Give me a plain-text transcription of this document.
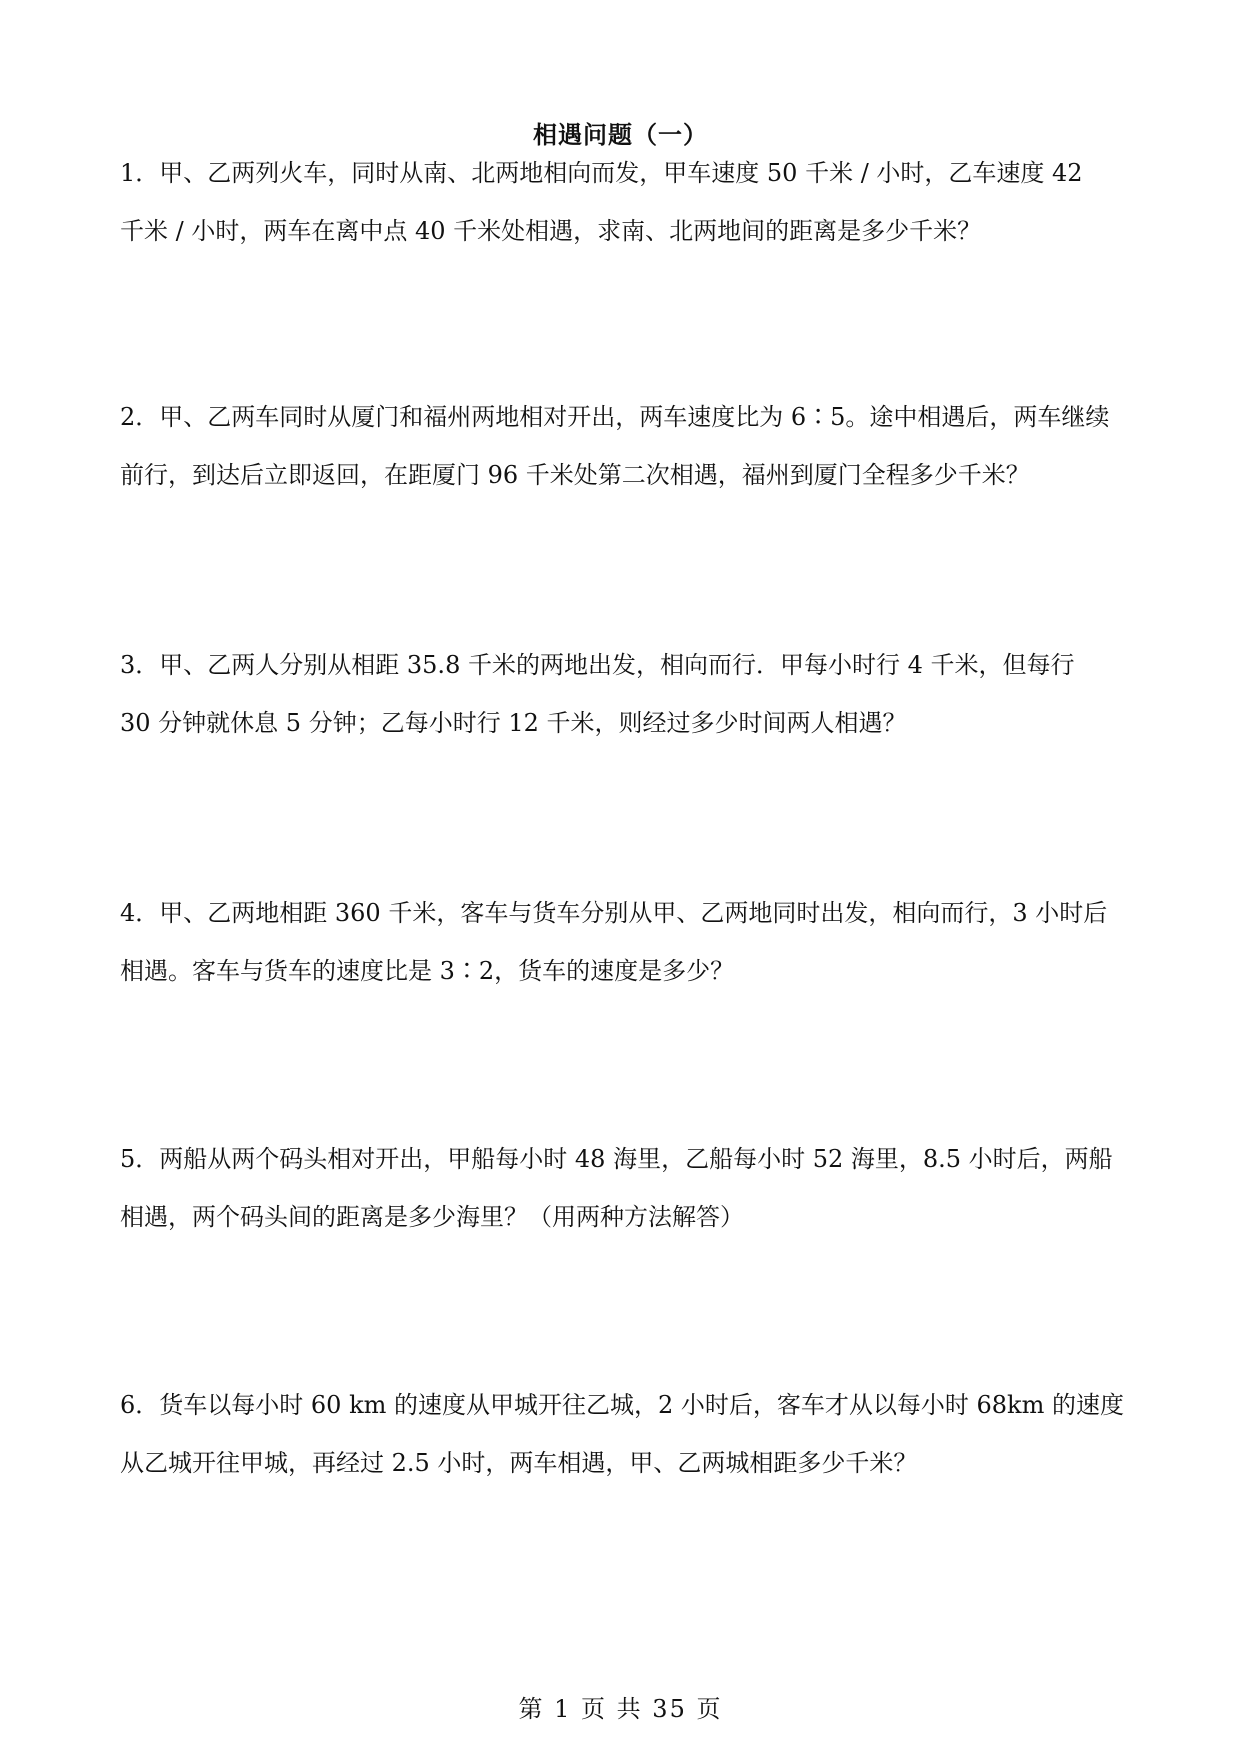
相遇问题（一）
1．甲、乙两列火车，同时从南、北两地相向而发，甲车速度 50 千米 / 小时，乙车速度 42
千米 / 小时，两车在离中点 40 千米处相遇，求南、北两地间的距离是多少千米？
2．甲、乙两车同时从厦门和福州两地相对开出，两车速度比为 6∶5。途中相遇后，两车继续
前行，到达后立即返回，在距厦门 96 千米处第二次相遇，福州到厦门全程多少千米？
3．甲、乙两人分别从相距 35.8 千米的两地出发，相向而行．甲每小时行 4 千米，但每行
30 分钟就休息 5 分钟；乙每小时行 12 千米，则经过多少时间两人相遇？
4．甲、乙两地相距 360 千米，客车与货车分别从甲、乙两地同时出发，相向而行，3 小时后
相遇。客车与货车的速度比是 3∶2，货车的速度是多少？
5．两船从两个码头相对开出，甲船每小时 48 海里，乙船每小时 52 海里，8.5 小时后，两船
相遇，两个码头间的距离是多少海里？（用两种方法解答）
6．货车以每小时 60 km 的速度从甲城开往乙城，2 小时后，客车才从以每小时 68km 的速度
从乙城开往甲城，再经过 2.5 小时，两车相遇，甲、乙两城相距多少千米？
第 1 页 共 35 页
